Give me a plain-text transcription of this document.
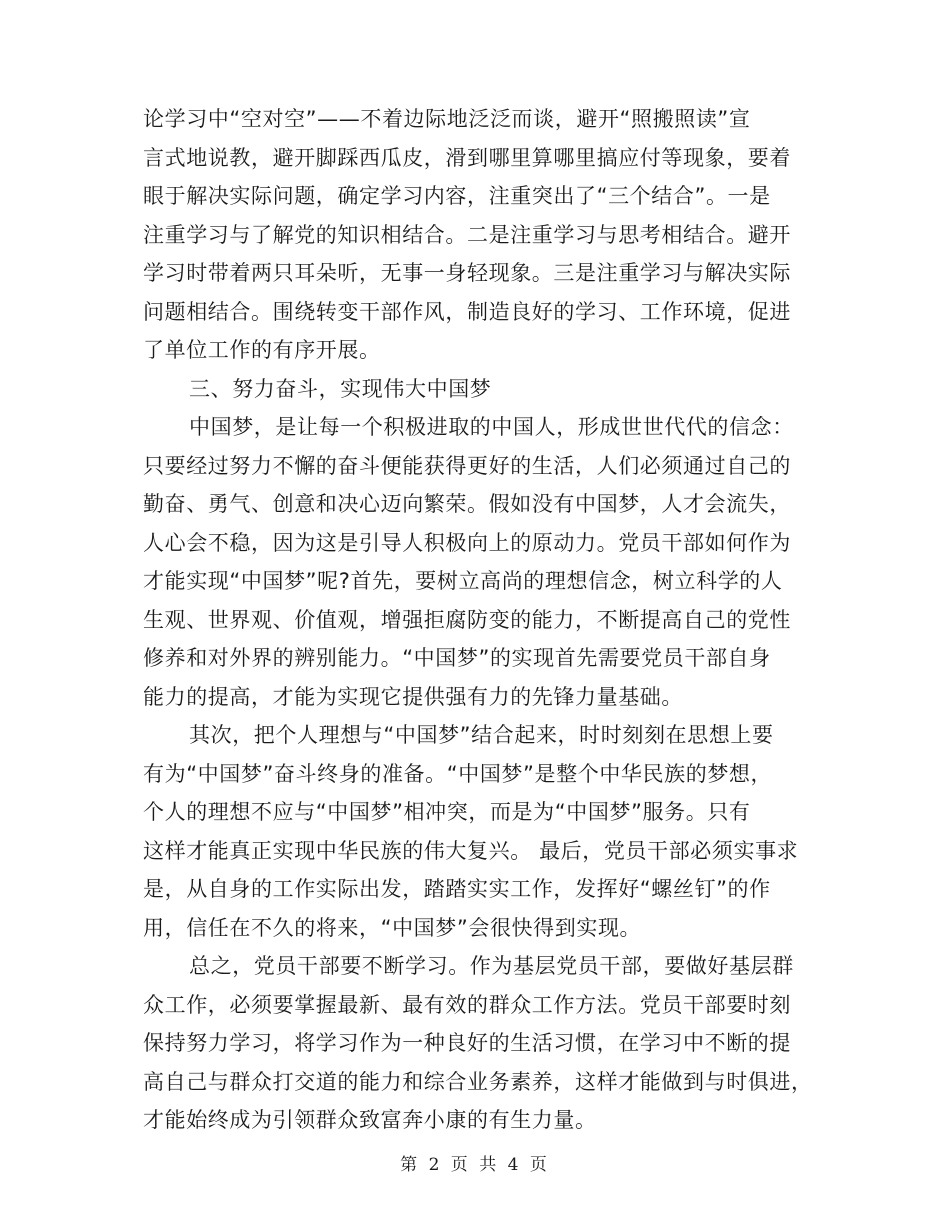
论学习中“空对空”——不着边际地泛泛而谈，避开“照搬照读”宣
言式地说教，避开脚踩西瓜皮，滑到哪里算哪里搞应付等现象，要着
眼于解决实际问题，确定学习内容，注重突出了“三个结合”。一是
注重学习与了解党的知识相结合。二是注重学习与思考相结合。避开
学习时带着两只耳朵听，无事一身轻现象。三是注重学习与解决实际
问题相结合。围绕转变干部作风，制造良好的学习、工作环境，促进
了单位工作的有序开展。
三、努力奋斗，实现伟大中国梦
中国梦，是让每一个积极进取的中国人，形成世世代代的信念：
只要经过努力不懈的奋斗便能获得更好的生活，人们必须通过自己的
勤奋、勇气、创意和决心迈向繁荣。假如没有中国梦，人才会流失，
人心会不稳，因为这是引导人积极向上的原动力。党员干部如何作为
才能实现“中国梦”呢?首先，要树立高尚的理想信念，树立科学的人
生观、世界观、价值观，增强拒腐防变的能力，不断提高自己的党性
修养和对外界的辨别能力。“中国梦”的实现首先需要党员干部自身
能力的提高，才能为实现它提供强有力的先锋力量基础。
其次，把个人理想与“中国梦”结合起来，时时刻刻在思想上要
有为“中国梦”奋斗终身的准备。“中国梦”是整个中华民族的梦想，
个人的理想不应与“中国梦”相冲突，而是为“中国梦”服务。只有
这样才能真正实现中华民族的伟大复兴。 最后，党员干部必须实事求
是，从自身的工作实际出发，踏踏实实工作，发挥好“螺丝钉”的作
用，信任在不久的将来，“中国梦”会很快得到实现。
总之，党员干部要不断学习。作为基层党员干部，要做好基层群
众工作，必须要掌握最新、最有效的群众工作方法。党员干部要时刻
保持努力学习，将学习作为一种良好的生活习惯，在学习中不断的提
高自己与群众打交道的能力和综合业务素养，这样才能做到与时俱进，
才能始终成为引领群众致富奔小康的有生力量。
第 2 页 共 4 页
